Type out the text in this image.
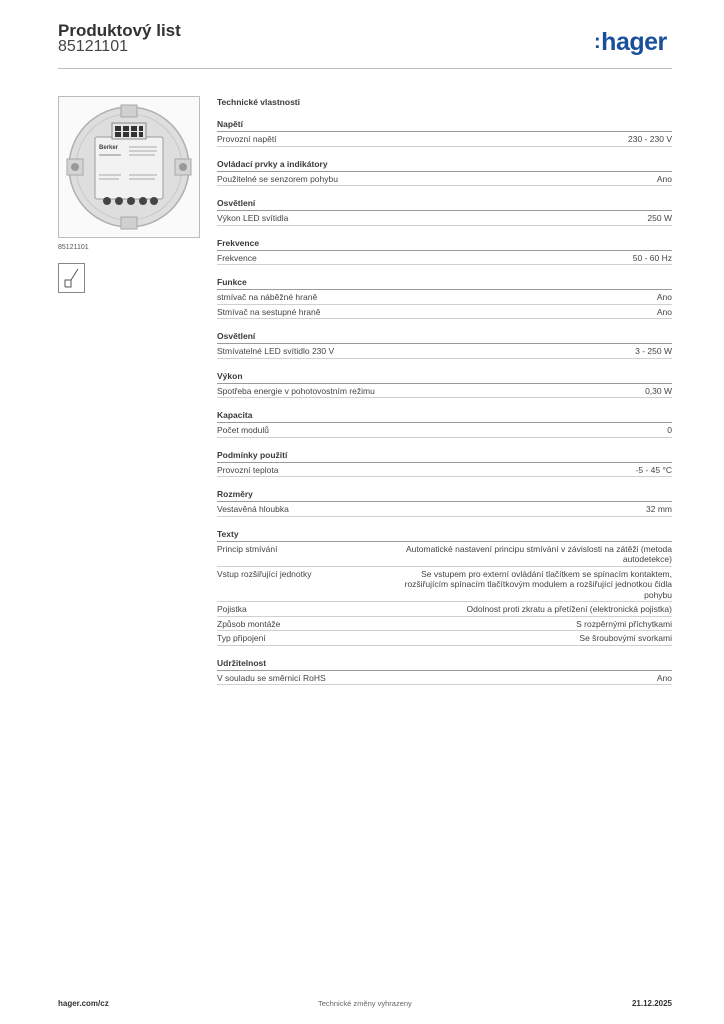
Produktový list
85121101	:hager
Berker
85121101
Technické vlastnosti
Napětí
Provozní napětí	230 - 230 V
Ovládací prvky a indikátory
Použitelné se senzorem pohybu	Ano
Osvětlení
Výkon LED svítidla	250 W
Frekvence
Frekvence	50 - 60 Hz
Funkce
stmívač na náběžné hraně	Ano
Stmívač na sestupné hraně	Ano
Osvětlení
Stmívatelné LED svítidlo 230 V	3 - 250 W
Výkon
Spotřeba energie v pohotovostním režimu	0,30 W
Kapacita
Počet modulů	0
Podmínky použití
Provozní teplota	-5 - 45 °C
Rozměry
Vestavěná hloubka	32 mm
Texty
Princip stmívání	Automatické nastavení principu stmívání v závislosti na zátěži (metoda autodetekce)
Vstup rozšiřující jednotky	Se vstupem pro externí ovládání tlačítkem se spínacím kontaktem, rozšiřujícím spínacím tlačítkovým modulem a rozšiřující jednotkou čidla pohybu
Pojistka	Odolnost proti zkratu a přetížení (elektronická pojistka)
Způsob montáže	S rozpěrnými příchytkami
Typ připojení	Se šroubovými svorkami
Udržitelnost
V souladu se směrnicí RoHS	Ano
hager.com/cz	Technické změny vyhrazeny	21.12.2025
